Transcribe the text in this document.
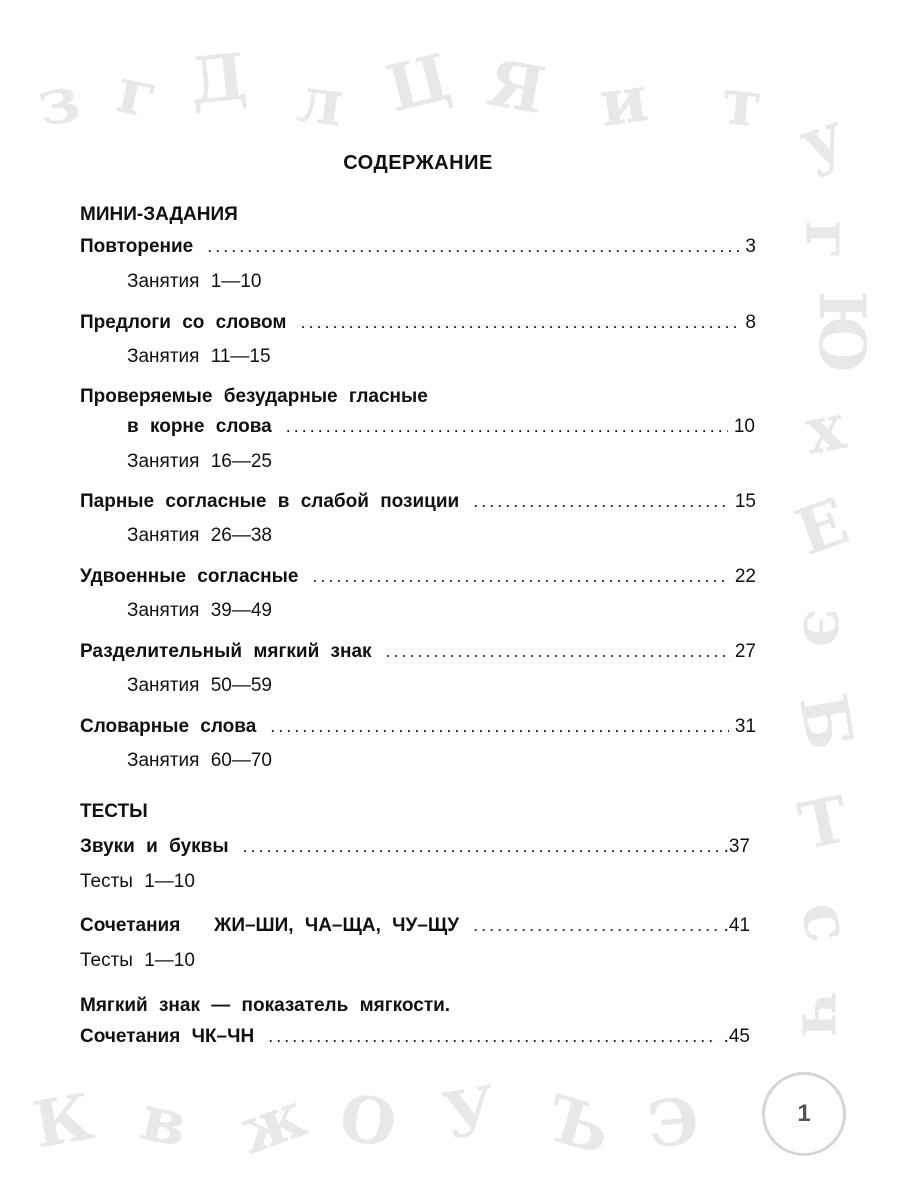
з г Д л Ц Я и т у
г
Ю
х
Е
э
Б
Т
с
ч
К в ж О У Ъ Э
СОДЕРЖАНИЕ
МИНИ-ЗАДАНИЯ
Повторение .....	3
Занятия 1—10
Предлоги со словом .....	8
Занятия 11—15
Проверяемые безударные гласные
в корне слова .....	10
Занятия 16—25
Парные согласные в слабой позиции .....	15
Занятия 26—38
Удвоенные согласные .....	22
Занятия 39—49
Разделительный мягкий знак .....	27
Занятия 50—59
Словарные слова .....	31
Занятия 60—70
ТЕСТЫ
Звуки и буквы .....	.37
Тесты 1—10
Сочетания   ЖИ–ШИ, ЧА–ЩА, ЧУ–ЩУ .....	.41
Тесты 1—10
Мягкий знак — показатель мягкости.
Сочетания ЧК–ЧН .....	.45
1
